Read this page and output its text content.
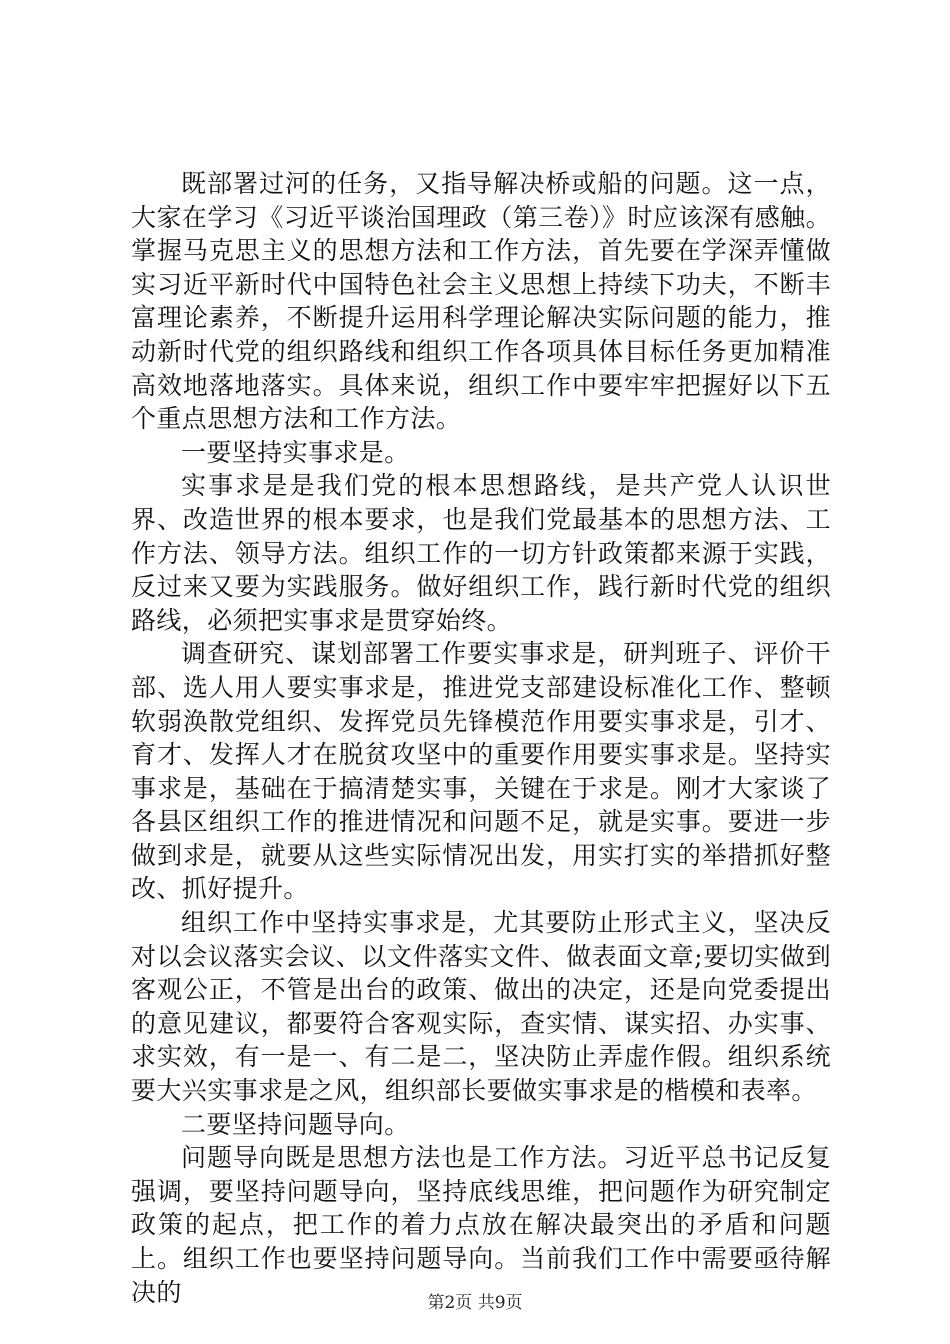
既部署过河的任务，又指导解决桥或船的问题。这一点，大家在学习《习近平谈治国理政（第三卷）》时应该深有感触。掌握马克思主义的思想方法和工作方法，首先要在学深弄懂做实习近平新时代中国特色社会主义思想上持续下功夫，不断丰富理论素养，不断提升运用科学理论解决实际问题的能力，推动新时代党的组织路线和组织工作各项具体目标任务更加精准高效地落地落实。具体来说，组织工作中要牢牢把握好以下五个重点思想方法和工作方法。

一要坚持实事求是。

实事求是是我们党的根本思想路线，是共产党人认识世界、改造世界的根本要求，也是我们党最基本的思想方法、工作方法、领导方法。组织工作的一切方针政策都来源于实践，反过来又要为实践服务。做好组织工作，践行新时代党的组织路线，必须把实事求是贯穿始终。

调查研究、谋划部署工作要实事求是，研判班子、评价干部、选人用人要实事求是，推进党支部建设标准化工作、整顿软弱涣散党组织、发挥党员先锋模范作用要实事求是，引才、育才、发挥人才在脱贫攻坚中的重要作用要实事求是。坚持实事求是，基础在于搞清楚实事，关键在于求是。刚才大家谈了各县区组织工作的推进情况和问题不足，就是实事。要进一步做到求是，就要从这些实际情况出发，用实打实的举措抓好整改、抓好提升。

组织工作中坚持实事求是，尤其要防止形式主义，坚决反对以会议落实会议、以文件落实文件、做表面文章;要切实做到客观公正，不管是出台的政策、做出的决定，还是向党委提出的意见建议，都要符合客观实际，查实情、谋实招、办实事、求实效，有一是一、有二是二，坚决防止弄虚作假。组织系统要大兴实事求是之风，组织部长要做实事求是的楷模和表率。

二要坚持问题导向。

问题导向既是思想方法也是工作方法。习近平总书记反复强调，要坚持问题导向，坚持底线思维，把问题作为研究制定政策的起点，把工作的着力点放在解决最突出的矛盾和问题上。组织工作也要坚持问题导向。当前我们工作中需要亟待解决的	第2页 共9页
